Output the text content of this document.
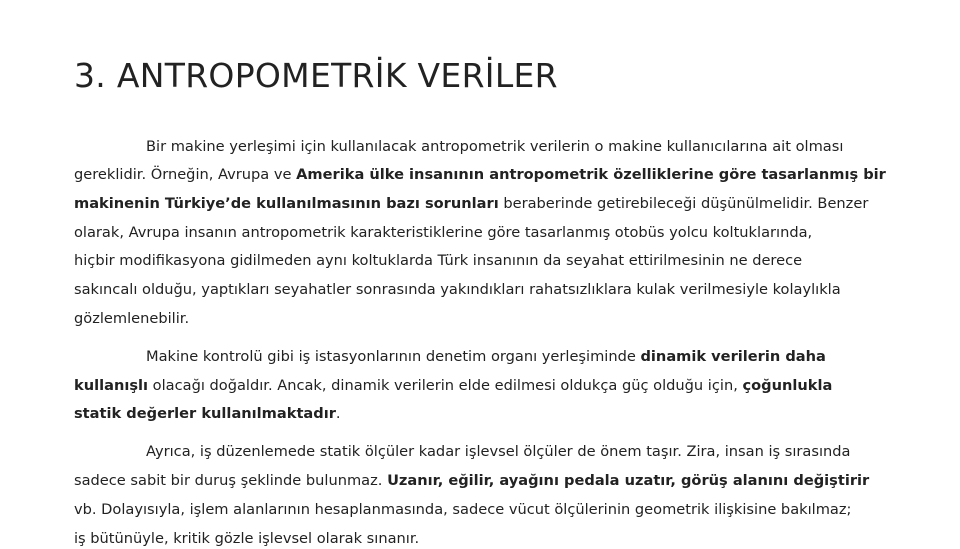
3. ANTROPOMETRİK VERİLER
Bir makine yerleşimi için kullanılacak antropometrik verilerin o makine kullanıcılarına ait olması
gereklidir. Örneğin, Avrupa ve Amerika ülke insanının antropometrik özelliklerine göre tasarlanmış bir
makinenin Türkiye’de kullanılmasının bazı sorunları beraberinde getirebileceği düşünülmelidir. Benzer
olarak, Avrupa insanın antropometrik karakteristiklerine göre tasarlanmış otobüs yolcu koltuklarında,
hiçbir modifikasyona gidilmeden aynı koltuklarda Türk insanının da seyahat ettirilmesinin ne derece
sakıncalı olduğu, yaptıkları seyahatler sonrasında yakındıkları rahatsızlıklara kulak verilmesiyle kolaylıkla
gözlemlenebilir.
Makine kontrolü gibi iş istasyonlarının denetim organı yerleşiminde dinamik verilerin daha
kullanışlı olacağı doğaldır. Ancak, dinamik verilerin elde edilmesi oldukça güç olduğu için, çoğunlukla
statik değerler kullanılmaktadır.
Ayrıca, iş düzenlemede statik ölçüler kadar işlevsel ölçüler de önem taşır. Zira, insan iş sırasında
sadece sabit bir duruş şeklinde bulunmaz. Uzanır, eğilir, ayağını pedala uzatır, görüş alanını değiştirir
vb. Dolayısıyla, işlem alanlarının hesaplanmasında, sadece vücut ölçülerinin geometrik ilişkisine bakılmaz;
iş bütünüyle, kritik gözle işlevsel olarak sınanır.
